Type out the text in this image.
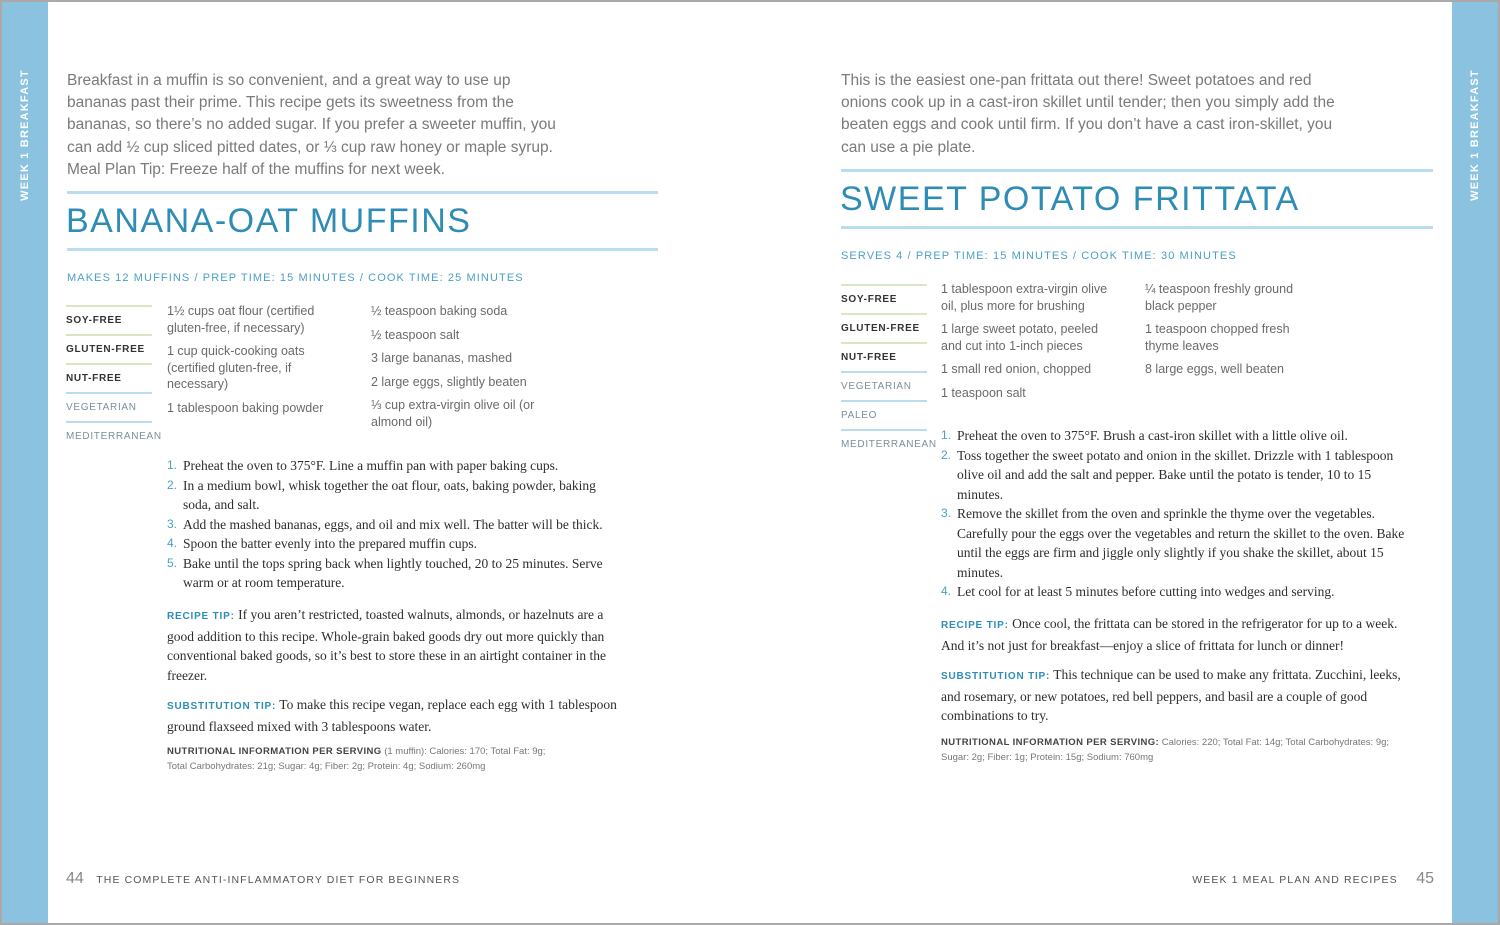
WEEK 1 BREAKFAST	WEEK 1 BREAKFAST

Breakfast in a muffin is so convenient, and a great way to use up bananas past their prime. This recipe gets its sweetness from the bananas, so there’s no added sugar. If you prefer a sweeter muffin, you can add ½ cup sliced pitted dates, or ⅓ cup raw honey or maple syrup. Meal Plan Tip: Freeze half of the muffins for next week.

BANANA-OAT MUFFINS
MAKES 12 MUFFINS / PREP TIME: 15 MINUTES / COOK TIME: 25 MINUTES
SOY-FREE
GLUTEN-FREE
NUT-FREE
VEGETARIAN
MEDITERRANEAN
1½ cups oat flour (certified gluten-free, if necessary)
1 cup quick-cooking oats (certified gluten-free, if necessary)
1 tablespoon baking powder
½ teaspoon baking soda
½ teaspoon salt
3 large bananas, mashed
2 large eggs, slightly beaten
⅓ cup extra-virgin olive oil (or almond oil)
1. Preheat the oven to 375°F. Line a muffin pan with paper baking cups.
2. In a medium bowl, whisk together the oat flour, oats, baking powder, baking soda, and salt.
3. Add the mashed bananas, eggs, and oil and mix well. The batter will be thick.
4. Spoon the batter evenly into the prepared muffin cups.
5. Bake until the tops spring back when lightly touched, 20 to 25 minutes. Serve warm or at room temperature.

RECIPE TIP: If you aren’t restricted, toasted walnuts, almonds, or hazelnuts are a good addition to this recipe. Whole-grain baked goods dry out more quickly than conventional baked goods, so it’s best to store these in an airtight container in the freezer.

SUBSTITUTION TIP: To make this recipe vegan, replace each egg with 1 tablespoon ground flaxseed mixed with 3 tablespoons water.

NUTRITIONAL INFORMATION PER SERVING (1 muffin): Calories: 170; Total Fat: 9g; Total Carbohydrates: 21g; Sugar: 4g; Fiber: 2g; Protein: 4g; Sodium: 260mg

44 THE COMPLETE ANTI-INFLAMMATORY DIET FOR BEGINNERS

This is the easiest one-pan frittata out there! Sweet potatoes and red onions cook up in a cast-iron skillet until tender; then you simply add the beaten eggs and cook until firm. If you don’t have a cast iron-skillet, you can use a pie plate.

SWEET POTATO FRITTATA
SERVES 4 / PREP TIME: 15 MINUTES / COOK TIME: 30 MINUTES
SOY-FREE
GLUTEN-FREE
NUT-FREE
VEGETARIAN
PALEO
MEDITERRANEAN
1 tablespoon extra-virgin olive oil, plus more for brushing
1 large sweet potato, peeled and cut into 1-inch pieces
1 small red onion, chopped
1 teaspoon salt
¼ teaspoon freshly ground black pepper
1 teaspoon chopped fresh thyme leaves
8 large eggs, well beaten
1. Preheat the oven to 375°F. Brush a cast-iron skillet with a little olive oil.
2. Toss together the sweet potato and onion in the skillet. Drizzle with 1 tablespoon olive oil and add the salt and pepper. Bake until the potato is tender, 10 to 15 minutes.
3. Remove the skillet from the oven and sprinkle the thyme over the vegetables. Carefully pour the eggs over the vegetables and return the skillet to the oven. Bake until the eggs are firm and jiggle only slightly if you shake the skillet, about 15 minutes.
4. Let cool for at least 5 minutes before cutting into wedges and serving.

RECIPE TIP: Once cool, the frittata can be stored in the refrigerator for up to a week. And it’s not just for breakfast—enjoy a slice of frittata for lunch or dinner!

SUBSTITUTION TIP: This technique can be used to make any frittata. Zucchini, leeks, and rosemary, or new potatoes, red bell peppers, and basil are a couple of good combinations to try.

NUTRITIONAL INFORMATION PER SERVING: Calories: 220; Total Fat: 14g; Total Carbohydrates: 9g; Sugar: 2g; Fiber: 1g; Protein: 15g; Sodium: 760mg

WEEK 1 MEAL PLAN AND RECIPES 45
